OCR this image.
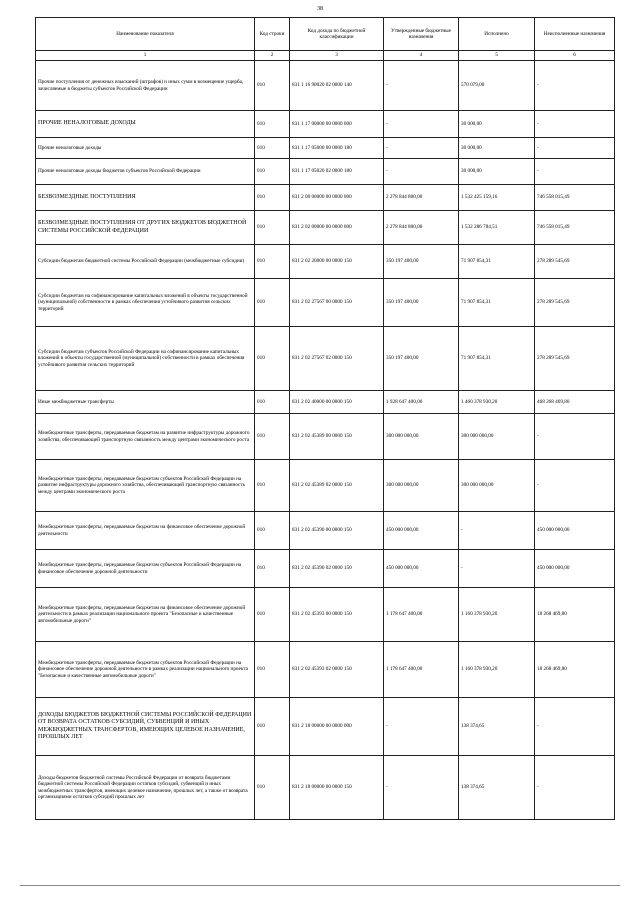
38
Наименование показателя	Код строки	Код дохода по бюджетной классификации	Утвержденные бюджетные назначения	Исполнено	Неисполненные назначения
1	2	3	4	5	6
Прочие поступления от денежных взысканий (штрафов) и иных сумм в возмещение ущерба, зачисляемые в бюджеты субъектов Российской Федерации	010	831 1 16 90020 02 0000 140	-	570 079,00	-
ПРОЧИЕ НЕНАЛОГОВЫЕ ДОХОДЫ	010	831 1 17 00000 00 0000 000	-	30 000,00	-
Прочие неналоговые доходы	010	831 1 17 05000 00 0000 180	-	30 000,00	-
Прочие неналоговые доходы бюджетов субъектов Российской Федерации	010	831 1 17 05020 02 0000 180	-	30 000,00	-
БЕЗВОЗМЕЗДНЫЕ ПОСТУПЛЕНИЯ	010	831 2 00 00000 00 0000 000	2 278 844 800,00	1 532 425 159,16	746 558 015,49
БЕЗВОЗМЕЗДНЫЕ ПОСТУПЛЕНИЯ ОТ ДРУГИХ БЮДЖЕТОВ БЮДЖЕТНОЙ СИСТЕМЫ РОССИЙСКОЙ ФЕДЕРАЦИИ	010	831 2 02 00000 00 0000 000	2 278 844 800,00	1 532 286 784,51	746 558 015,49
Субсидии бюджетам бюджетной системы Российской Федерации (межбюджетные субсидии)	010	831 2 02 20000 00 0000 150	350 197 400,00	71 907 854,31	278 289 545,69
Субсидии бюджетам на софинансирование капитальных вложений в объекты государственной (муниципальной) собственности в рамках обеспечения устойчивого развития сельских территорий	010	831 2 02 27567 00 0000 150	350 197 400,00	71 907 854,31	278 289 545,69
Субсидии бюджетам субъектов Российской Федерации на софинансирование капитальных вложений в объекты государственной (муниципальной) собственности в рамках обеспечения устойчивого развития сельских территорий	010	831 2 02 27567 02 0000 150	350 197 400,00	71 907 854,31	278 289 545,69
Иные межбюджетные трансферты	010	831 2 02 40000 00 0000 150	1 928 647 400,00	1 460 378 930,20	468 268 469,80
Межбюджетные трансферты, передаваемые бюджетам на развитие инфраструктуры дорожного хозяйства, обеспечивающей транспортную связанность между центрами экономического роста	010	831 2 02 45389 00 0000 150	300 000 000,00	300 000 000,00	-
Межбюджетные трансферты, передаваемые бюджетам субъектов Российской Федерации на развитие инфраструктуры дорожного хозяйства, обеспечивающей транспортную связанность между центрами экономического роста	010	831 2 02 45389 02 0000 150	300 000 000,00	300 000 000,00	-
Межбюджетные трансферты, передаваемые бюджетам на финансовое обеспечение дорожной деятельности	010	831 2 02 45390 00 0000 150	450 000 000,00	-	450 000 000,00
Межбюджетные трансферты, передаваемые бюджетам субъектов Российской Федерации на финансовое обеспечение дорожной деятельности	010	831 2 02 45390 02 0000 150	450 000 000,00	-	450 000 000,00
Межбюджетные трансферты, передаваемые бюджетам на финансовое обеспечение дорожной деятельности в рамках реализации национального проекта "Безопасные и качественные автомобильные дороги"	010	831 2 02 45393 00 0000 150	1 178 647 400,00	1 160 378 930,20	18 268 469,80
Межбюджетные трансферты, передаваемые бюджетам субъектов Российской Федерации на финансовое обеспечение дорожной деятельности в рамках реализации национального проекта "Безопасные и качественные автомобильные дороги"	010	831 2 02 45393 02 0000 150	1 178 647 400,00	1 160 378 930,20	18 268 469,80
ДОХОДЫ БЮДЖЕТОВ БЮДЖЕТНОЙ СИСТЕМЫ РОССИЙСКОЙ ФЕДЕРАЦИИ ОТ ВОЗВРАТА ОСТАТКОВ СУБСИДИЙ, СУБВЕНЦИЙ И ИНЫХ МЕЖБЮДЖЕТНЫХ ТРАНСФЕРТОВ, ИМЕЮЩИХ ЦЕЛЕВОЕ НАЗНАЧЕНИЕ, ПРОШЛЫХ ЛЕТ	010	831 2 18 00000 00 0000 000	-	138 374,65	-
Доходы бюджетов бюджетной системы Российской Федерации от возврата бюджетами бюджетной системы Российской Федерации остатков субсидий, субвенций и иных межбюджетных трансфертов, имеющих целевое назначение, прошлых лет, а также от возврата организациями остатков субсидий прошлых лет	010	831 2 18 00000 00 0000 150	-	138 374,65	-
